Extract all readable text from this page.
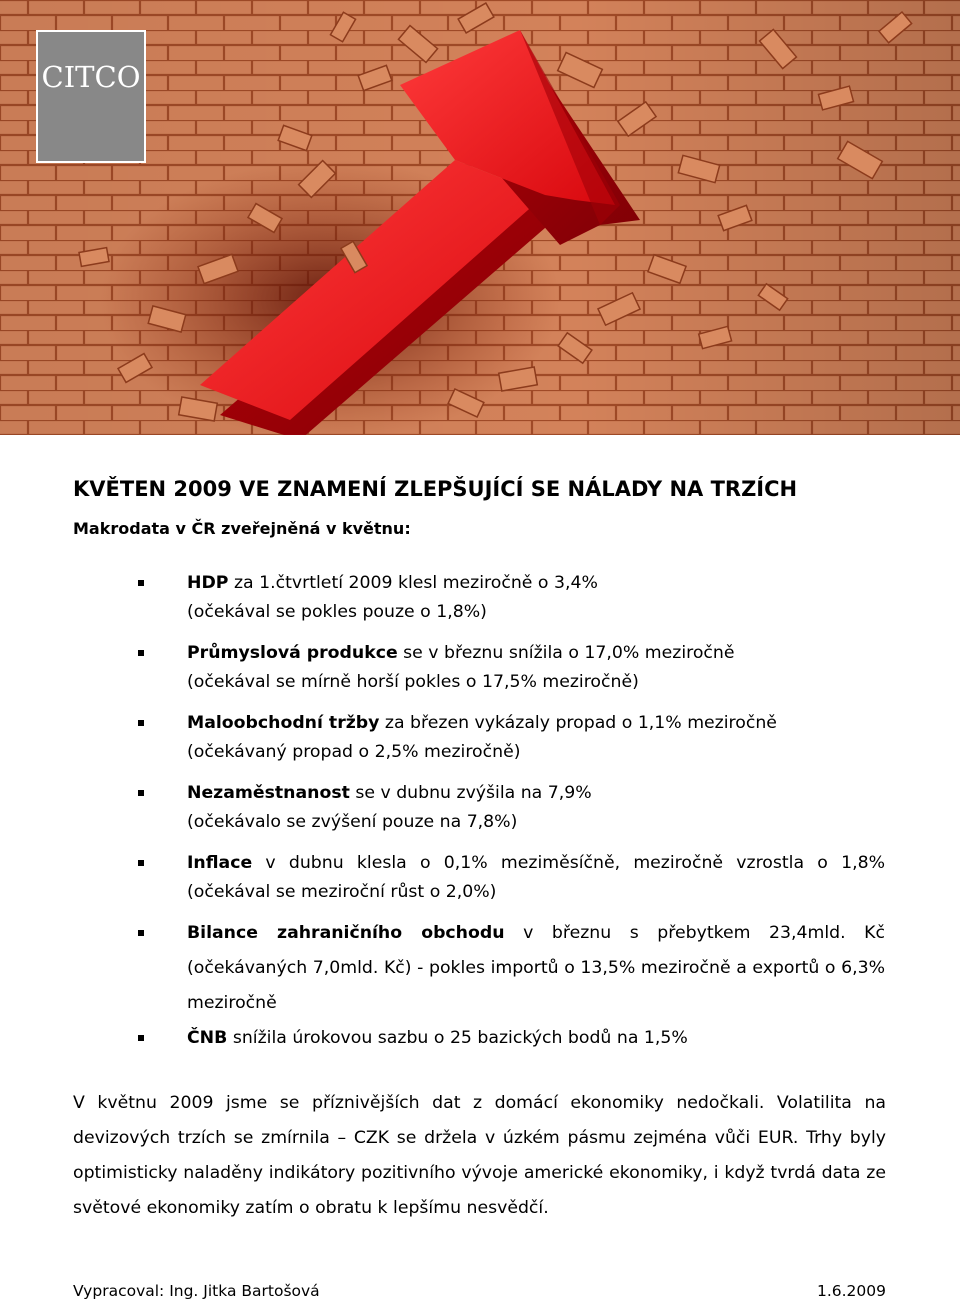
CITCO
KVĚTEN 2009 VE ZNAMENÍ ZLEPŠUJÍCÍ SE NÁLADY NA TRZÍCH
Makrodata v ČR zveřejněná v květnu:
HDP za 1.čtvrtletí 2009 klesl meziročně o 3,4%
(očekával se pokles pouze o 1,8%)
Průmyslová produkce se v březnu snížila o 17,0% meziročně
(očekával se mírně horší pokles o 17,5% meziročně)
Maloobchodní tržby za březen vykázaly propad o 1,1% meziročně
(očekávaný propad o 2,5% meziročně)
Nezaměstnanost se v dubnu zvýšila na 7,9%
(očekávalo se zvýšení pouze na 7,8%)
Inflace v dubnu klesla o 0,1% meziměsíčně, meziročně vzrostla o 1,8%
(očekával se meziroční růst o 2,0%)
Bilance zahraničního obchodu v březnu s přebytkem 23,4mld. Kč
(očekávaných 7,0mld. Kč) - pokles importů o 13,5% meziročně a exportů o 6,3%
meziročně
ČNB snížila úrokovou sazbu o 25 bazických bodů na 1,5%
V květnu 2009 jsme se příznivějších dat z domácí ekonomiky nedočkali. Volatilita na
devizových trzích se zmírnila – CZK se držela v úzkém pásmu zejména vůči EUR. Trhy byly
optimisticky naladěny indikátory pozitivního vývoje americké ekonomiky, i když tvrdá data ze
světové ekonomiky zatím o obratu k lepšímu nesvědčí.
Vypracoval: Ing. Jitka Bartošová	1.6.2009
